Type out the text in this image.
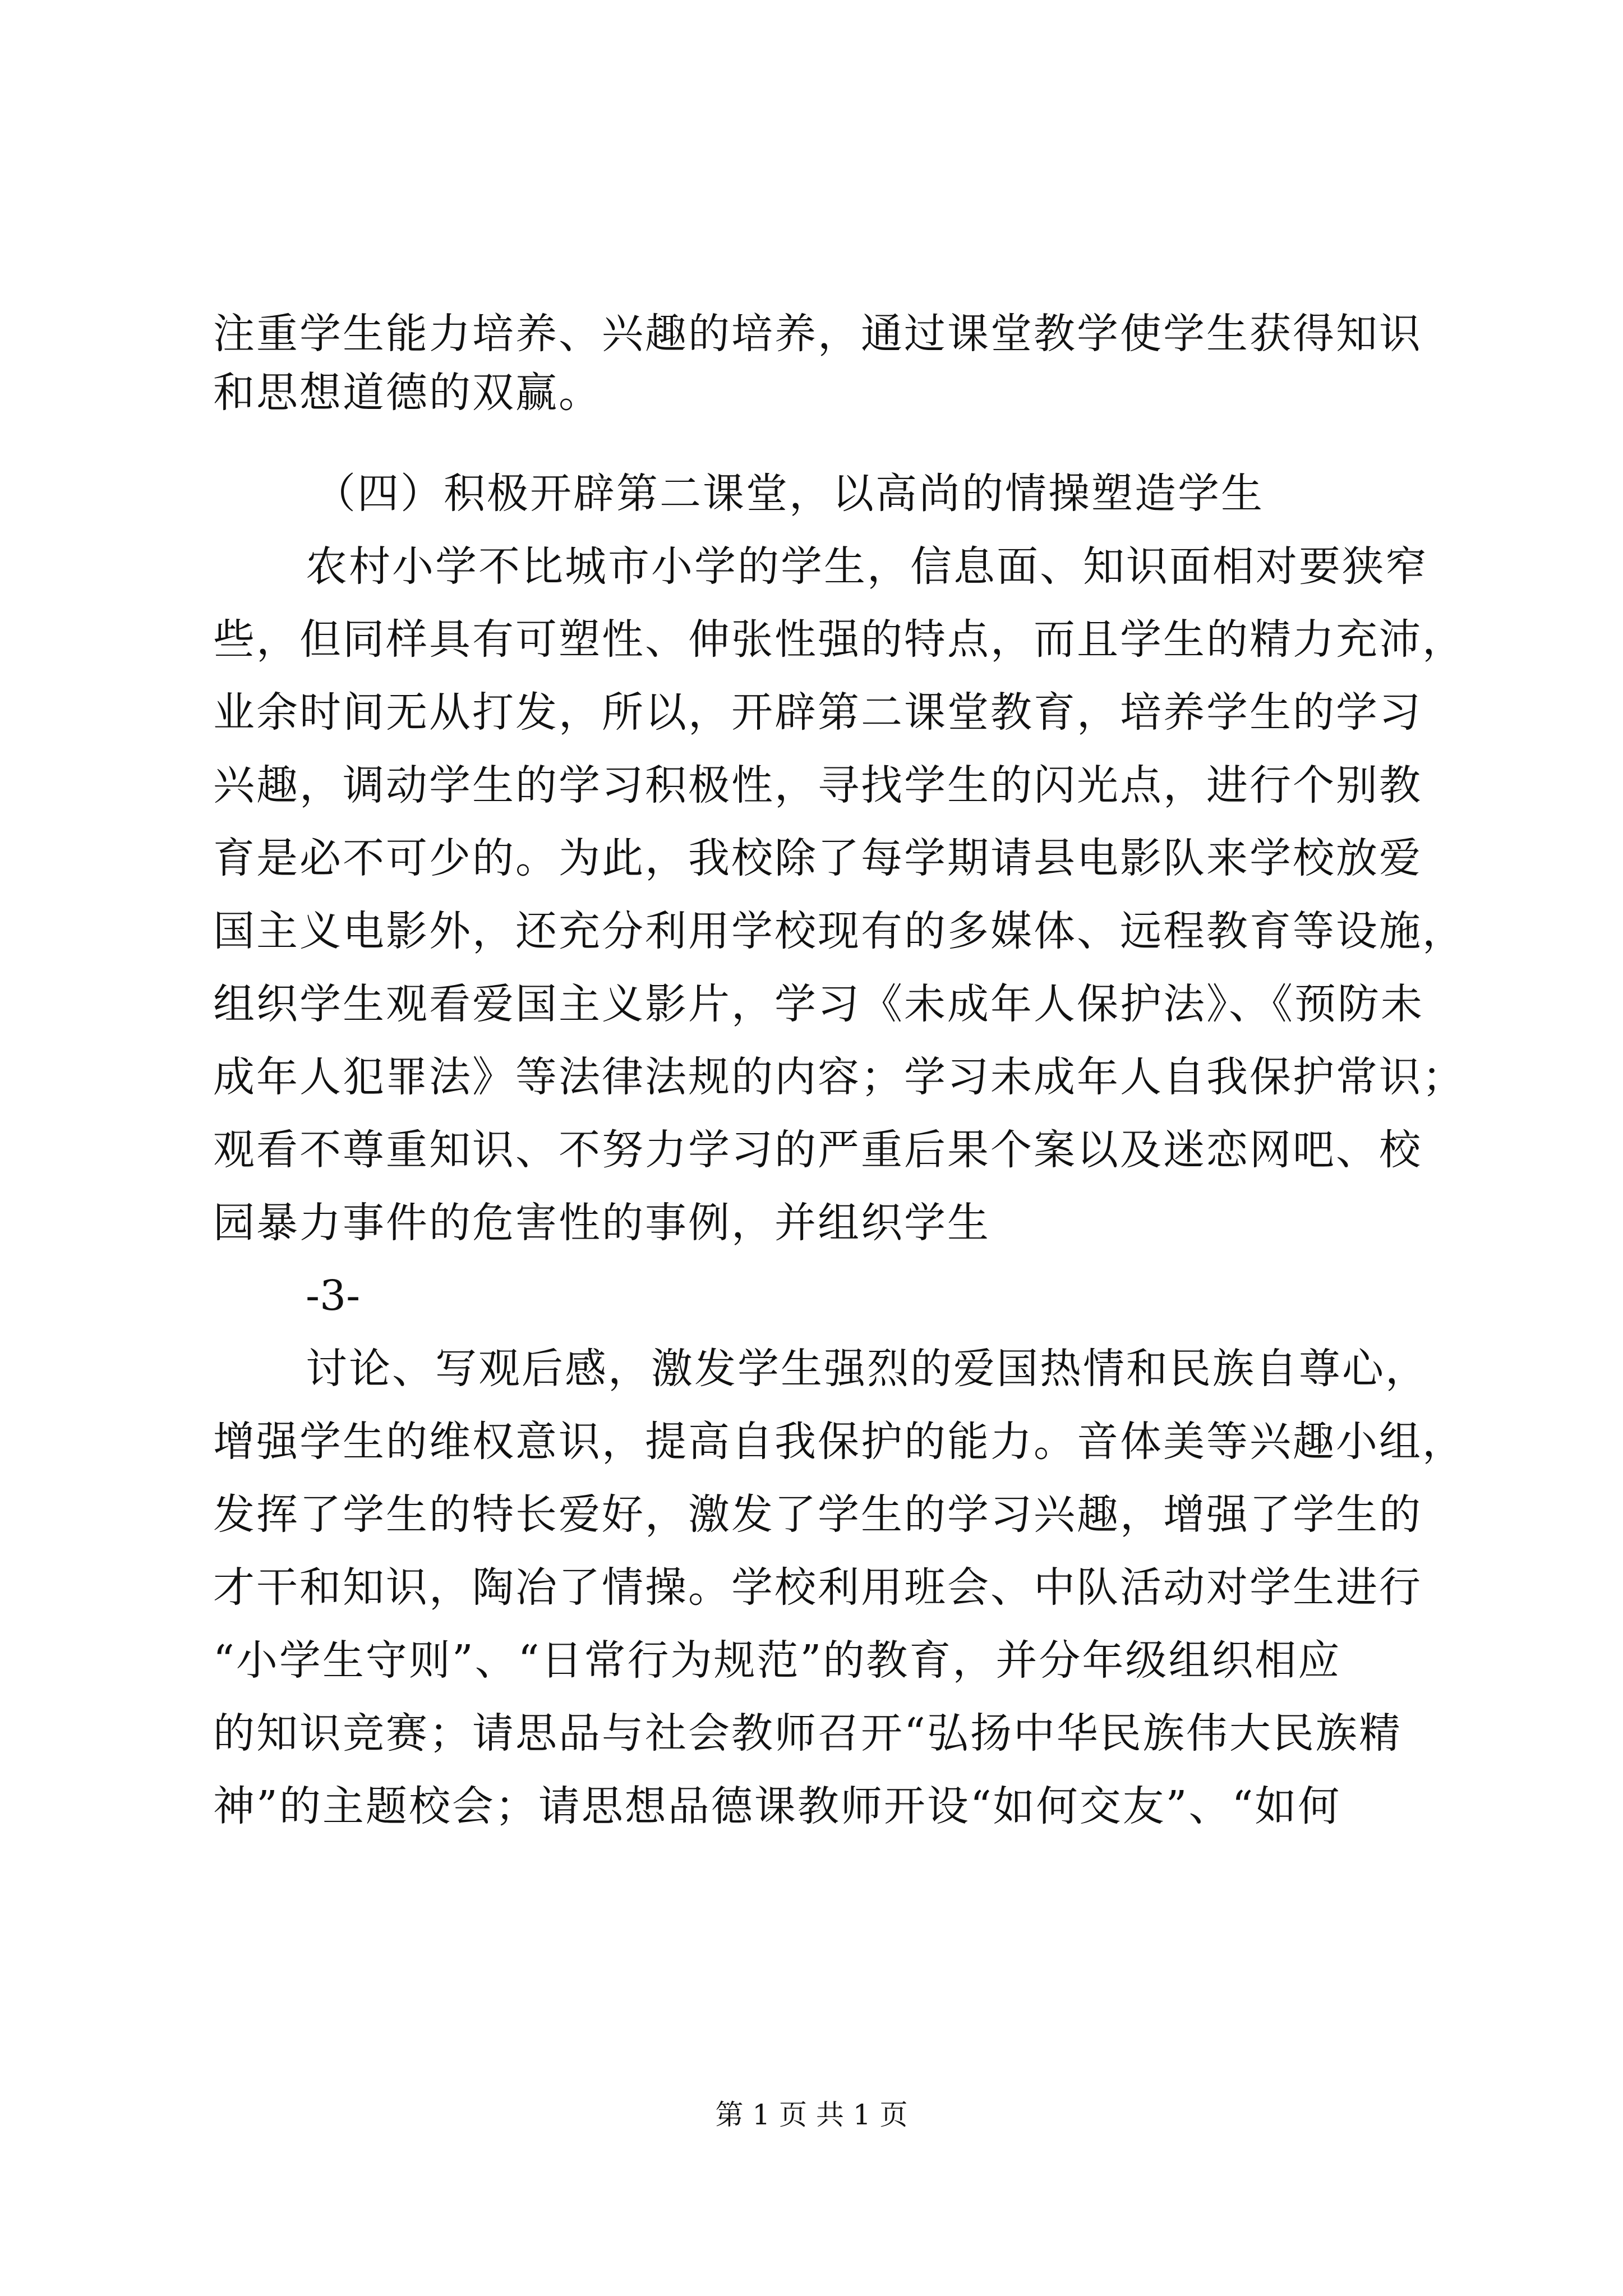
注重学生能力培养、兴趣的培养，通过课堂教学使学生获得知识
和思想道德的双赢。
（四）积极开辟第二课堂，以高尚的情操塑造学生
农村小学不比城市小学的学生，信息面、知识面相对要狭窄
些，但同样具有可塑性、伸张性强的特点，而且学生的精力充沛，
业余时间无从打发，所以，开辟第二课堂教育，培养学生的学习
兴趣，调动学生的学习积极性，寻找学生的闪光点，进行个别教
育是必不可少的。为此，我校除了每学期请县电影队来学校放爱
国主义电影外，还充分利用学校现有的多媒体、远程教育等设施，
组织学生观看爱国主义影片，学习《未成年人保护法》、《预防未
成年人犯罪法》等法律法规的内容；学习未成年人自我保护常识；
观看不尊重知识、不努力学习的严重后果个案以及迷恋网吧、校
园暴力事件的危害性的事例，并组织学生
-3-
讨论、写观后感，激发学生强烈的爱国热情和民族自尊心，
增强学生的维权意识，提高自我保护的能力。音体美等兴趣小组，
发挥了学生的特长爱好，激发了学生的学习兴趣，增强了学生的
才干和知识，陶冶了情操。学校利用班会、中队活动对学生进行
“小学生守则”、“日常行为规范”的教育，并分年级组织相应
的知识竞赛；请思品与社会教师召开“弘扬中华民族伟大民族精
神”的主题校会；请思想品德课教师开设“如何交友”、“如何
第 1 页 共 1 页
